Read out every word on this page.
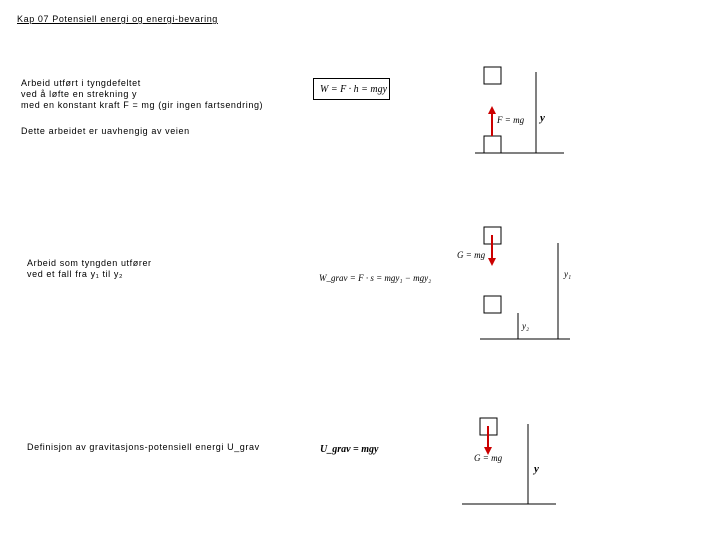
Kap 07 Potensiell energi og energi-bevaring
Arbeid utført i tyngdefeltet
ved å løfte en strekning y
med en konstant kraft F = mg (gir ingen fartsendring)
Dette arbeidet er uavhengig av veien
W = F · h = mgy
F = mg y
Arbeid som tyngden utfører
ved et fall fra y₁ til y₂	W_grav = F · s = mgy₁ − mgy₂
G = mg
y₁
y₂
Definisjon av gravitasjons-potensiell energi U_grav	U_grav = mgy
G = mg
y
